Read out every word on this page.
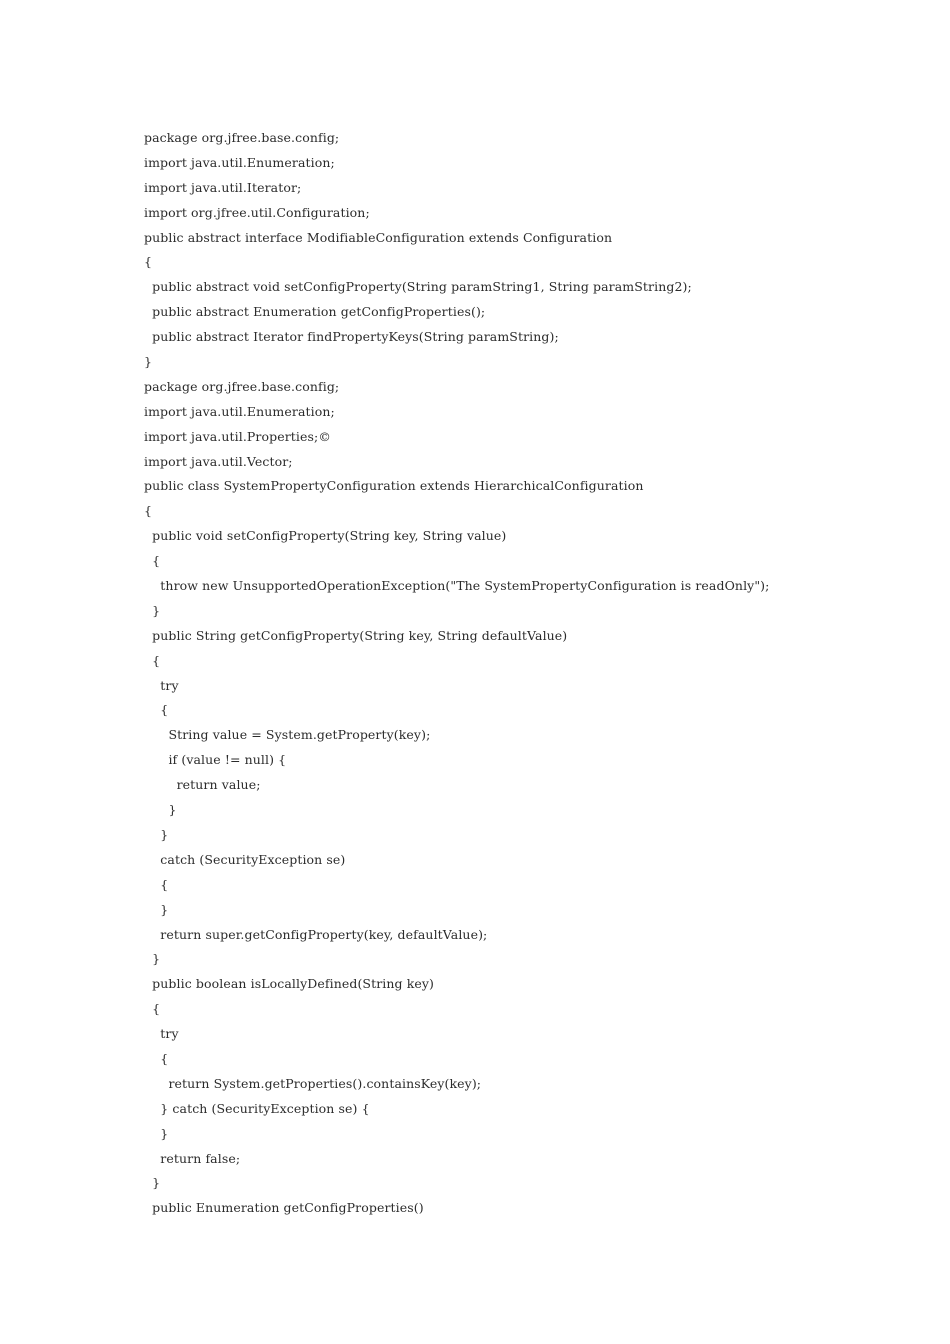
package org.jfree.base.config;
import java.util.Enumeration;
import java.util.Iterator;
import org.jfree.util.Configuration;
public abstract interface ModifiableConfiguration extends Configuration
{
public abstract void setConfigProperty(String paramString1, String paramString2);
public abstract Enumeration getConfigProperties();
public abstract Iterator findPropertyKeys(String paramString);
}
package org.jfree.base.config;
import java.util.Enumeration;
import java.util.Properties;©
import java.util.Vector;
public class SystemPropertyConfiguration extends HierarchicalConfiguration
{
public void setConfigProperty(String key, String value)
{
throw new UnsupportedOperationException("The SystemPropertyConfiguration is readOnly");
}
public String getConfigProperty(String key, String defaultValue)
{
try
{
String value = System.getProperty(key);
if (value != null) {
return value;
}
}
catch (SecurityException se)
{
}
return super.getConfigProperty(key, defaultValue);
}
public boolean isLocallyDefined(String key)
{
try
{
return System.getProperties().containsKey(key);
} catch (SecurityException se) {
}
return false;
}
public Enumeration getConfigProperties()
